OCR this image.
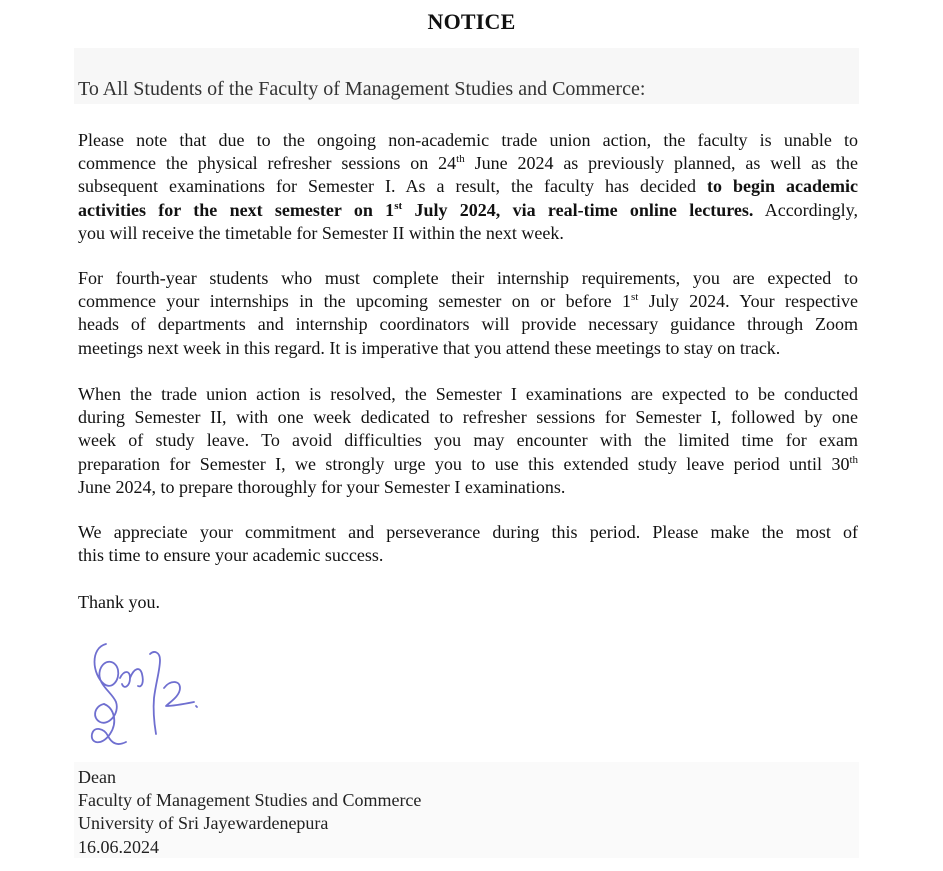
NOTICE
To All Students of the Faculty of Management Studies and Commerce:
Please note that due to the ongoing non-academic trade union action, the faculty is unable to
commence the physical refresher sessions on 24th June 2024 as previously planned, as well as the
subsequent examinations for Semester I. As a result, the faculty has decided to begin academic
activities for the next semester on 1st July 2024, via real-time online lectures. Accordingly,
you will receive the timetable for Semester II within the next week.
For fourth-year students who must complete their internship requirements, you are expected to
commence your internships in the upcoming semester on or before 1st July 2024. Your respective
heads of departments and internship coordinators will provide necessary guidance through Zoom
meetings next week in this regard. It is imperative that you attend these meetings to stay on track.
When the trade union action is resolved, the Semester I examinations are expected to be conducted
during Semester II, with one week dedicated to refresher sessions for Semester I, followed by one
week of study leave. To avoid difficulties you may encounter with the limited time for exam
preparation for Semester I, we strongly urge you to use this extended study leave period until 30th
June 2024, to prepare thoroughly for your Semester I examinations.
We appreciate your commitment and perseverance during this period. Please make the most of
this time to ensure your academic success.
Thank you.
Dean
Faculty of Management Studies and Commerce
University of Sri Jayewardenepura
16.06.2024
